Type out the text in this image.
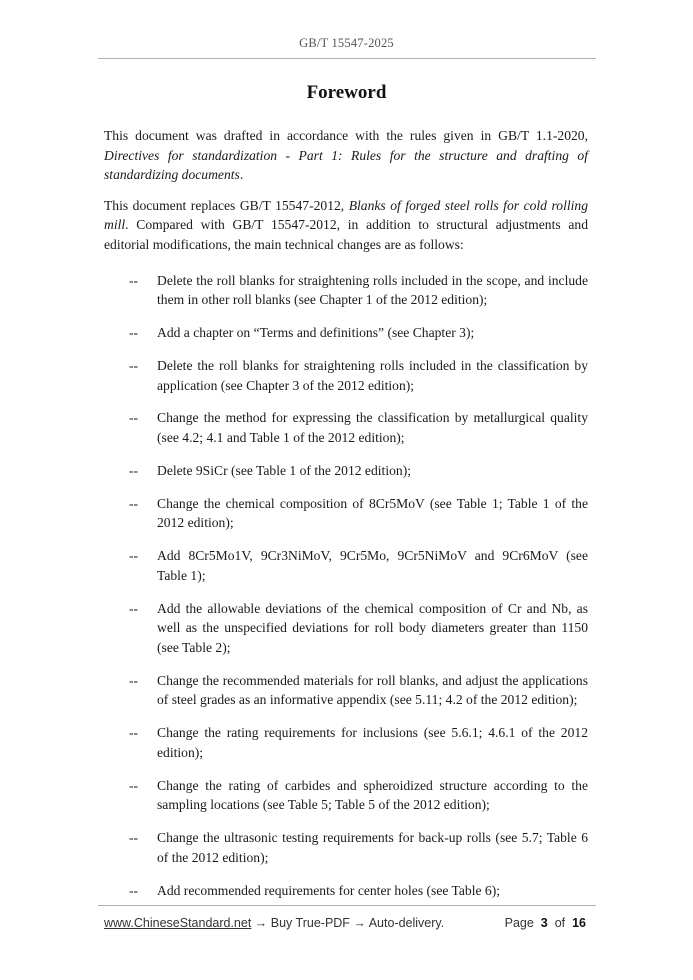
GB/T 15547-2025
Foreword

This document was drafted in accordance with the rules given in GB/T 1.1-2020, Directives for standardization - Part 1: Rules for the structure and drafting of standardizing documents.

This document replaces GB/T 15547-2012, Blanks of forged steel rolls for cold rolling mill. Compared with GB/T 15547-2012, in addition to structural adjustments and editorial modifications, the main technical changes are as follows:

-- Delete the roll blanks for straightening rolls included in the scope, and include them in other roll blanks (see Chapter 1 of the 2012 edition);
-- Add a chapter on “Terms and definitions” (see Chapter 3);
-- Delete the roll blanks for straightening rolls included in the classification by application (see Chapter 3 of the 2012 edition);
-- Change the method for expressing the classification by metallurgical quality (see 4.2; 4.1 and Table 1 of the 2012 edition);
-- Delete 9SiCr (see Table 1 of the 2012 edition);
-- Change the chemical composition of 8Cr5MoV (see Table 1; Table 1 of the 2012 edition);
-- Add 8Cr5Mo1V, 9Cr3NiMoV, 9Cr5Mo, 9Cr5NiMoV and 9Cr6MoV (see Table 1);
-- Add the allowable deviations of the chemical composition of Cr and Nb, as well as the unspecified deviations for roll body diameters greater than 1150 (see Table 2);
-- Change the recommended materials for roll blanks, and adjust the applications of steel grades as an informative appendix (see 5.11; 4.2 of the 2012 edition);
-- Change the rating requirements for inclusions (see 5.6.1; 4.6.1 of the 2012 edition);
-- Change the rating of carbides and spheroidized structure according to the sampling locations (see Table 5; Table 5 of the 2012 edition);
-- Change the ultrasonic testing requirements for back-up rolls (see 5.7; Table 6 of the 2012 edition);
-- Add recommended requirements for center holes (see Table 6);
www.ChineseStandard.net → Buy True-PDF → Auto-delivery.	Page 3 of 16
